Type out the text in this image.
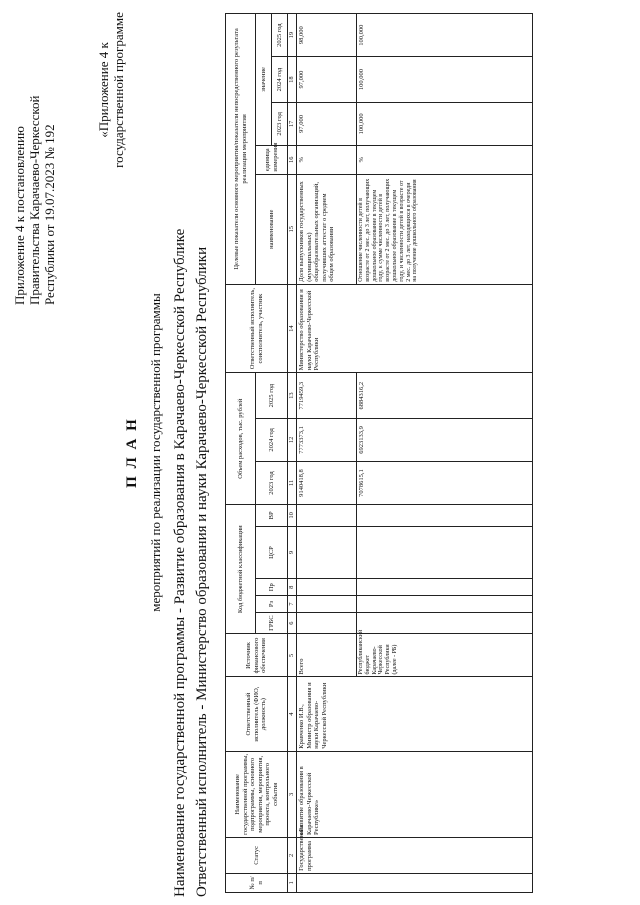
Приложение 4 к постановлению Правительства Карачаево-Черкесской Республики от 19.07.2023 № 192
«Приложение 4 к государственной программе
П Л А Н мероприятий по реализации государственной программы Наименование государственной программы - Развитие образования в Карачаево-Черкесской Республике Ответственный исполнитель - Министерство образования и науки Карачаево-Черкесской Республики	№ п/п	Статус	Наименование государственной программы, подпрограммы, основного мероприятия, мероприятия, проекта, контрольного события	Ответственный исполнитель (ФИО, должность)	Источник финансового обеспечения	Код бюджетной классификации					Объем расходов, тыс. рублей			Ответственный исполнитель, соисполнитель, участник	Целевые показатели основного мероприятия/показатели непосредственного результата реализации мероприятия				
					ГРБС	Рз	Пр	ЦСР	ВР	2023 год	2024 год	2025 год		наименование	единица измерения	значение		
																2023 год	2024 год	2025 год
1	2	3	4	5	6	7	8	9	10	11	12	13	14	15	16	17	18	19
	Государственная программа	«Развитие образования в Карачаево-Черкесской Республике»	Кравченко И.В., Министр образования и науки Карачаево-Черкесской Республики	Всего						9140418,8	7773373,1	7719459,3	Министерство образования и науки Карачаево-Черкесской Республики	Доля выпускников государственных (муниципальных) общеобразовательных организаций, получивших аттестат о среднем общем образовании	%	97,000	97,000	98,000
				Республиканский бюджет Карачаево-Черкесской Республики (далее - РБ)						7078615,1	6923133,9	6884316,2		Отношение численности детей в возрасте от 2 мес. до 3 лет, получающих дошкольное образование в текущем году, к сумме численности детей в возрасте от 2 мес. до 3 лет, получающих дошкольное образование в текущем году, и численности детей в возрасте от 2 мес. до 3 лет, находящихся в очереди на получение дошкольного образования	%	100,000	100,000	100,000
